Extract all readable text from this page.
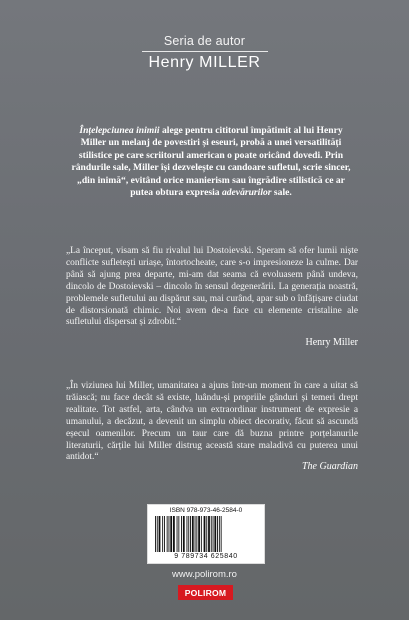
Seria de autor
Henry MILLER
Înțelepciunea inimii alege pentru cititorul împătimit al lui Henry Miller un melanj de povestiri și eseuri, probă a unei versatilități stilistice pe care scriitorul american o poate oricând dovedi. Prin rândurile sale, Miller își dezvelește cu candoare sufletul, scrie sincer, „din inimă“, evitând orice manierism sau îngrădire stilistică ce ar putea obtura expresia adevărurilor sale.
„La început, visam să fiu rivalul lui Dostoievski. Speram să ofer lumii niște conflicte sufletești uriașe, întortocheate, care s-o impresioneze la culme. Dar până să ajung prea departe, mi-am dat seama că evoluasem până undeva, dincolo de Dostoievski – dincolo în sensul degenerării. La generația noastră, problemele sufletului au dispărut sau, mai curând, apar sub o înfățișare ciudat de distorsionată chimic. Noi avem de-a face cu elemente cristaline ale sufletului dispersat și zdrobit.“
Henry Miller
„În viziunea lui Miller, umanitatea a ajuns într-un moment în care a uitat să trăiască; nu face decât să existe, luându-și propriile gânduri și temeri drept realitate. Tot astfel, arta, cândva un extraordinar instrument de expresie a umanului, a decăzut, a devenit un simplu obiect decorativ, făcut să ascundă eșecul oamenilor. Precum un taur care dă buzna printre porțelanurile literaturii, cărțile lui Miller distrug această stare maladivă cu puterea unui antidot.“
The Guardian
ISBN 978-973-46-2584-0
9 789734 625840
www.polirom.ro
POLIROM
